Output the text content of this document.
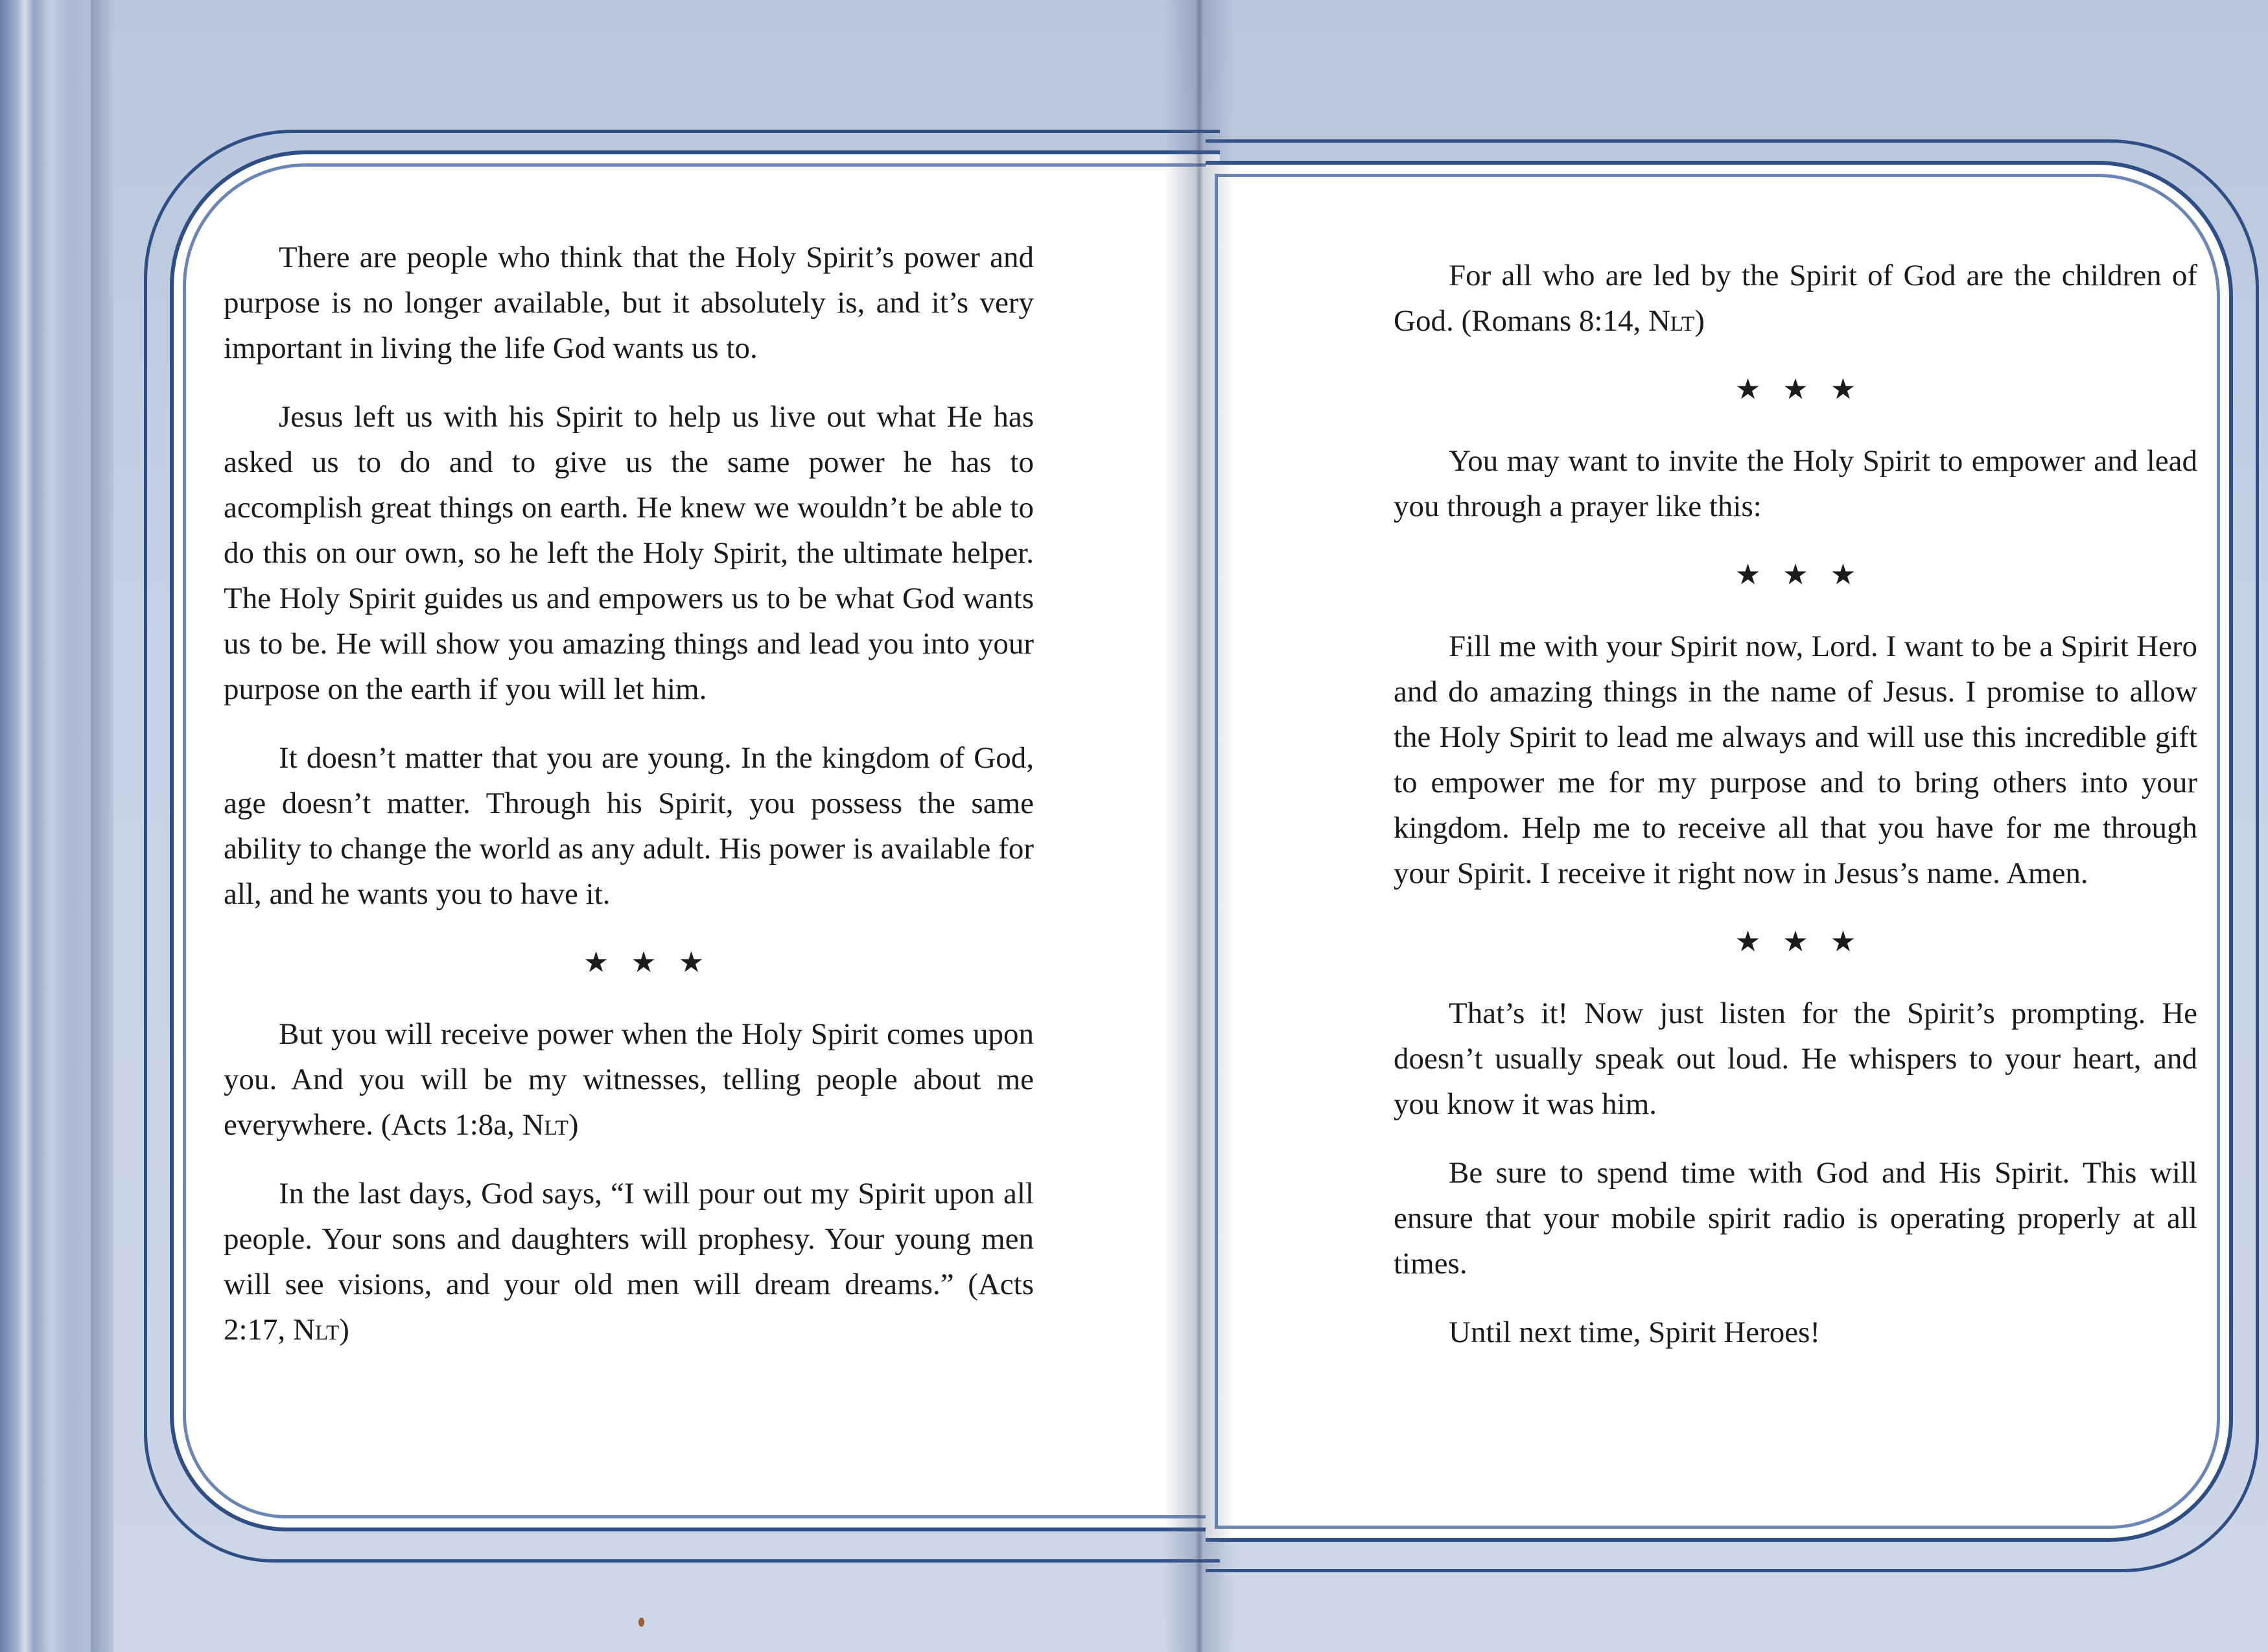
There are people who think that the Holy Spirit’s power and purpose is no longer available, but it absolutely is, and it’s very important in living the life God wants us to.

Jesus left us with his Spirit to help us live out what He has asked us to do and to give us the same power he has to accomplish great things on earth. He knew we wouldn’t be able to do this on our own, so he left the Holy Spirit, the ultimate helper. The Holy Spirit guides us and empowers us to be what God wants us to be. He will show you amazing things and lead you into your purpose on the earth if you will let him.

It doesn’t matter that you are young. In the kingdom of God, age doesn’t matter. Through his Spirit, you possess the same ability to change the world as any adult. His power is available for all, and he wants you to have it.

★★★

But you will receive power when the Holy Spirit comes upon you. And you will be my witnesses, telling people about me everywhere. (Acts 1:8a, Nlt)

In the last days, God says, “I will pour out my Spirit upon all people. Your sons and daughters will prophesy. Your young men will see visions, and your old men will dream dreams.” (Acts 2:17, Nlt)

For all who are led by the Spirit of God are the children of God. (Romans 8:14, Nlt)

★★★

You may want to invite the Holy Spirit to empower and lead you through a prayer like this:

★★★

Fill me with your Spirit now, Lord. I want to be a Spirit Hero and do amazing things in the name of Jesus. I promise to allow the Holy Spirit to lead me always and will use this incredible gift to empower me for my purpose and to bring others into your kingdom. Help me to receive all that you have for me through your Spirit. I receive it right now in Jesus’s name. Amen.

★★★

That’s it! Now just listen for the Spirit’s prompting. He doesn’t usually speak out loud. He whispers to your heart, and you know it was him.

Be sure to spend time with God and His Spirit. This will ensure that your mobile spirit radio is operating properly at all times.

Until next time, Spirit Heroes!
